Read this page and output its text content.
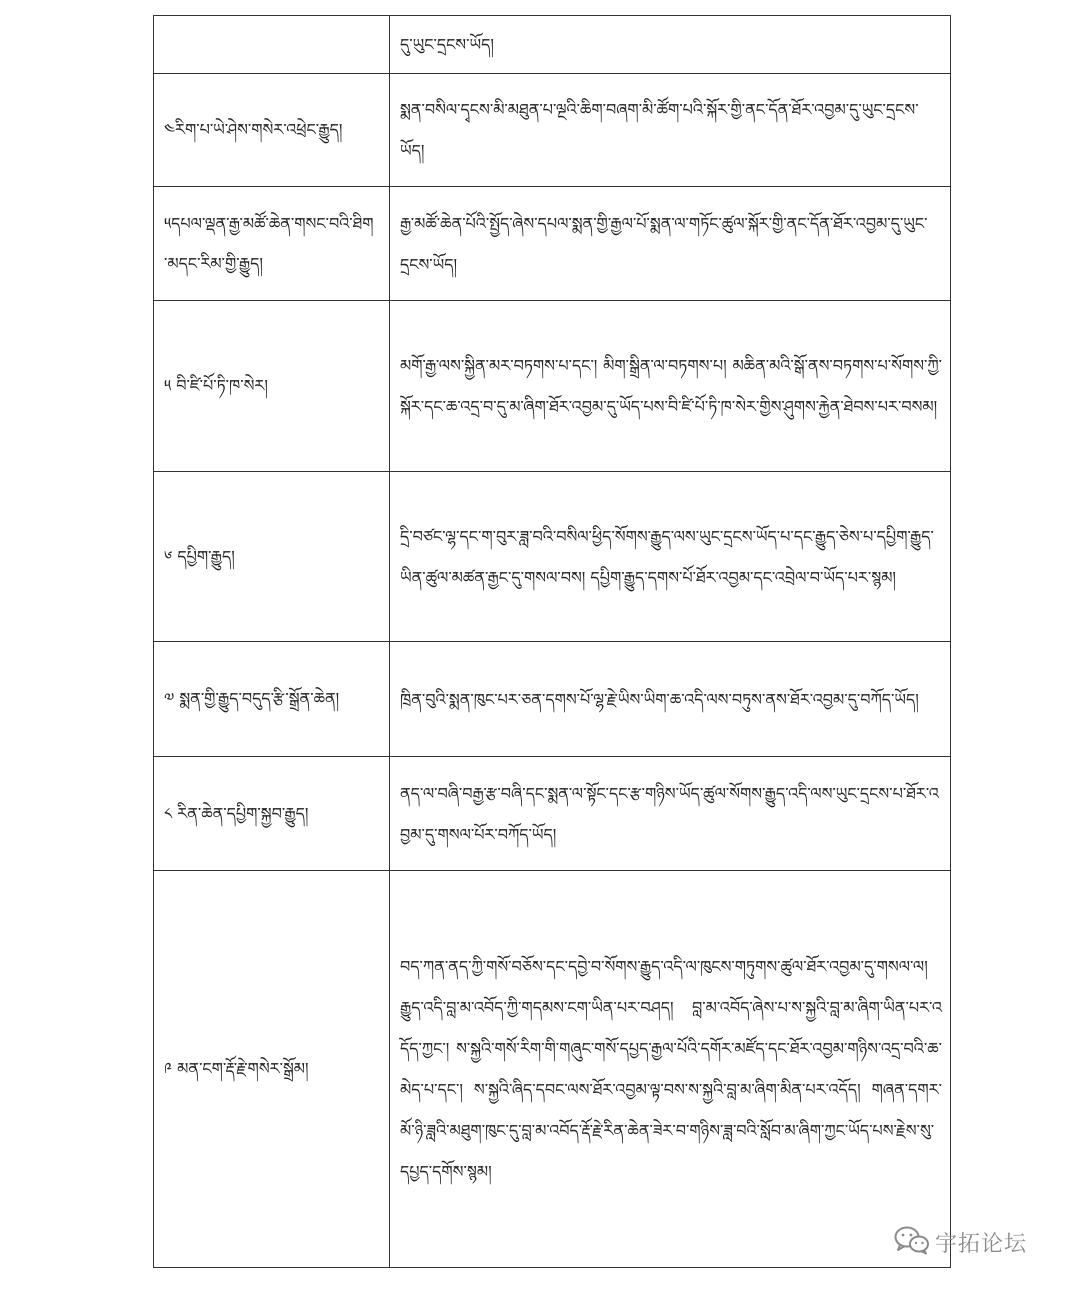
	དུ་ཡུང་དྲངས་ཡོད།

༤རིག་པ་ཡེ་ཤེས་གསེར་འཕྲེང་རྒྱུད།	སྨན་བསིལ་དྭངས་མི་མཐུན་པ་ལྔའི་ཆིག་བཞག་མི་ཚོག་པའི་སྐོར་གྱི་ནང་དོན་ཐོར་འབྱམ་དུ་ཡུང་དྲངས་ཡོད།

༥དཔལ་ལྡན་རྒྱ་མཚོ་ཆེན་གསང་བའི་ཐིག་མདང་རིམ་གྱི་རྒྱུད།	རྒྱ་མཚོ་ཆེན་པོའི་སྤྱོད་ཞེས་དཔལ་སྨན་གྱི་རྒྱལ་པོ་སྨན་ལ་གཏོང་ཚུལ་སྐོར་གྱི་ནང་དོན་ཐོར་འབྱམ་དུ་ཡུང་དྲངས་ཡོད།

༥ བི་ཛི་པོ་ཏི་ཁ་སེར།	མགོ་རྒྱ་ལས་སྐྱིན་མར་བཏགས་པ་དང་། མིག་སྒྲིན་ལ་བཏགས་པ། མཆིན་མའི་སྒོ་ནས་བཏགས་པ་སོགས་ཀྱི་སྐོར་དང་ཆ་འདྲ་བ་དུ་མ་ཞིག་ཐོར་འབྱམ་དུ་ཡོད་པས་བི་ཛི་པོ་ཏི་ཁ་སེར་གྱིས་ཤུགས་རྐྱེན་ཐེབས་པར་བསམ།

༦ དཔྱིག་རྒྱུད།	དྲི་བཙང་ལྷ་དང་ག་བུར་ཟླ་བའི་བསིལ་ཕྱིད་སོགས་རྒྱུད་ལས་ཡུང་དྲངས་ཡོད་པ་དང་རྒྱུད་ཅེས་པ་དཔྱིག་རྒྱུད་ཡིན་ཚུལ་མཚན་རྒྱང་དུ་གསལ་བས། དཔྱིག་རྒྱུད་དགས་པོ་ཐོར་འབྱམ་དང་འབྲེལ་བ་ཡོད་པར་སྙམ།

༧ སྨན་གྱི་རྒྱུད་བདུད་རྩི་སྒྲོན་ཆེན།	ཁྲིན་བུའི་སྨན་ཁུང་པར་ཅན་དགས་པོ་ལྷ་རྗེ་ཡིས་ཡིག་ཆ་འདི་ལས་བཏུས་ནས་ཐོར་འབྱམ་དུ་བཀོད་ཡོད།

༨ རིན་ཆེན་དཔྱིག་སྐྱབ་རྒྱུད།	ནད་ལ་བཞི་བརྒྱ་རྩ་བཞི་དང་སྨན་ལ་སྟོང་དང་རྩ་གཉིས་ཡོད་ཚུལ་སོགས་རྒྱུད་འདི་ལས་ཡུང་དྲངས་པ་ཐོར་འབྱམ་དུ་གསལ་པོར་བཀོད་ཡོད།

༩ མན་ངག་རྡོ་རྗེ་གསེར་སྒྲོམ།	བད་ཀན་ནད་ཀྱི་གསོ་བཅོས་དང་དབྱེ་བ་སོགས་རྒྱུད་འདི་ལ་ཁུངས་གཏུགས་ཚུལ་ཐོར་འབྱམ་དུ་གསལ་ལ། རྒྱུད་འདི་བླ་མ་འབོད་ཀྱི་གདམས་ངག་ཡིན་པར་བཤད། བླ་མ་འབོད་ཞེས་པ་ས་སྐྱའི་བླ་མ་ཞིག་ཡིན་པར་འདོད་ཀྱང་། ས་སྐྱའི་གསོ་རིག་གི་གཞུང་གསོ་དཔྱད་རྒྱལ་པོའི་དགོར་མཛོད་དང་ཐོར་འབྱམ་གཉིས་འདྲ་བའི་ཆ་མེད་པ་དང་། ས་སྐྱའི་ཞིད་དབང་ལས་ཐོར་འབྱམ་ལྟ་བས་ས་སྐྱའི་བླ་མ་ཞིག་མིན་པར་འདོད། གཞན་དགར་མོ་ཉི་ཟླའི་མཐུག་ཁུང་དུ་བླ་མ་འབོད་རྡོ་རྗེ་རིན་ཆེན་ཟེར་བ་གཉིས་ཟླ་བའི་སློབ་མ་ཞིག་ཀྱང་ཡོད་པས་རྗེས་སུ་དཔྱད་དགོས་སྙམ།
宇拓论坛
